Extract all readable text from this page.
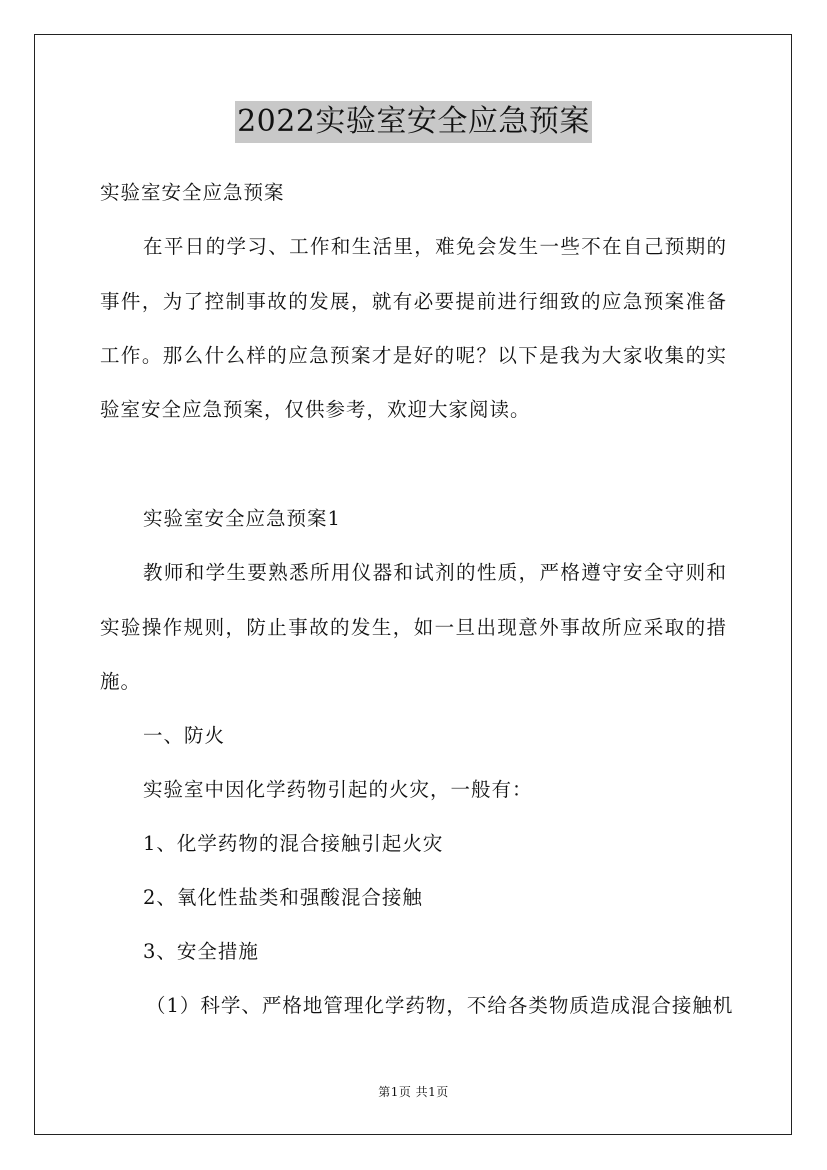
2022实验室安全应急预案

实验室安全应急预案

在平日的学习、工作和生活里，难免会发生一些不在自己预期的

事件，为了控制事故的发展，就有必要提前进行细致的应急预案准备

工作。那么什么样的应急预案才是好的呢？以下是我为大家收集的实

验室安全应急预案，仅供参考，欢迎大家阅读。

实验室安全应急预案1

教师和学生要熟悉所用仪器和试剂的性质，严格遵守安全守则和

实验操作规则，防止事故的发生，如一旦出现意外事故所应采取的措

施。

一、防火

实验室中因化学药物引起的火灾，一般有：

1、化学药物的混合接触引起火灾

2、氧化性盐类和强酸混合接触

3、安全措施

（1）科学、严格地管理化学药物，不给各类物质造成混合接触机

第1页 共1页
